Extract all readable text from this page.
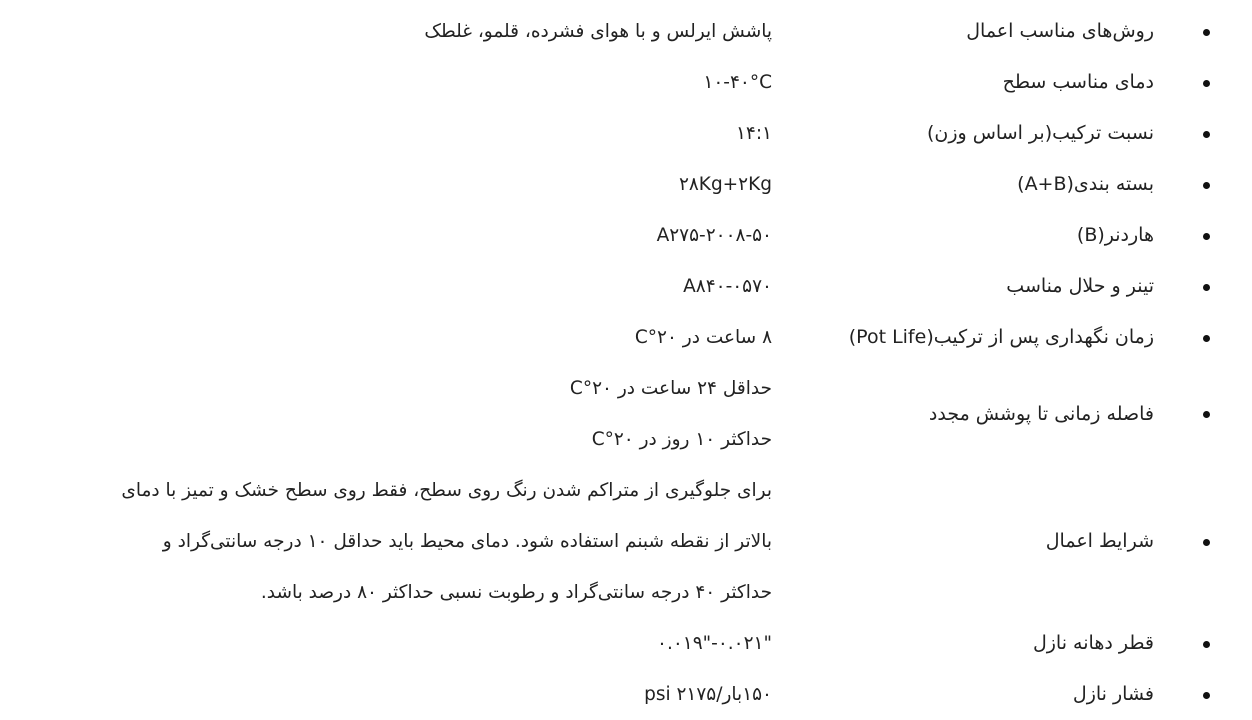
روش‌های مناسب اعمال
پاشش ایرلس و با هوای فشرده، قلمو، غلطک
دمای مناسب سطح
۱۰-۴۰°C
نسبت ترکیب(بر اساس وزن)
۱۴:۱
بسته بندی(A+B)
۲۸Kg+۲Kg
هاردنر(B)
A۲۷۵-۲۰۰۸-۵۰
تینر و حلال مناسب
A۸۴۰-۰۵۷۰
زمان نگهداری پس از ترکیب(Pot Life)
۸ ساعت در ۲۰°C
فاصله زمانی تا پوشش مجدد
حداقل ۲۴ ساعت در ۲۰°C
حداکثر ۱۰ روز در ۲۰°C
شرایط اعمال
برای جلوگیری از متراکم شدن رنگ روی سطح، فقط روی سطح خشک و تمیز با دمای
بالاتر از نقطه شبنم استفاده شود. دمای محیط باید حداقل ۱۰ درجه سانتی‌گراد و
حداکثر ۴۰ درجه سانتی‌گراد و رطوبت نسبی حداکثر ۸۰ درصد باشد.
قطر دهانه نازل
۰.۰۱۹"-۰.۰۲۱"
فشار نازل
۱۵۰بار/psi ۲۱۷۵
